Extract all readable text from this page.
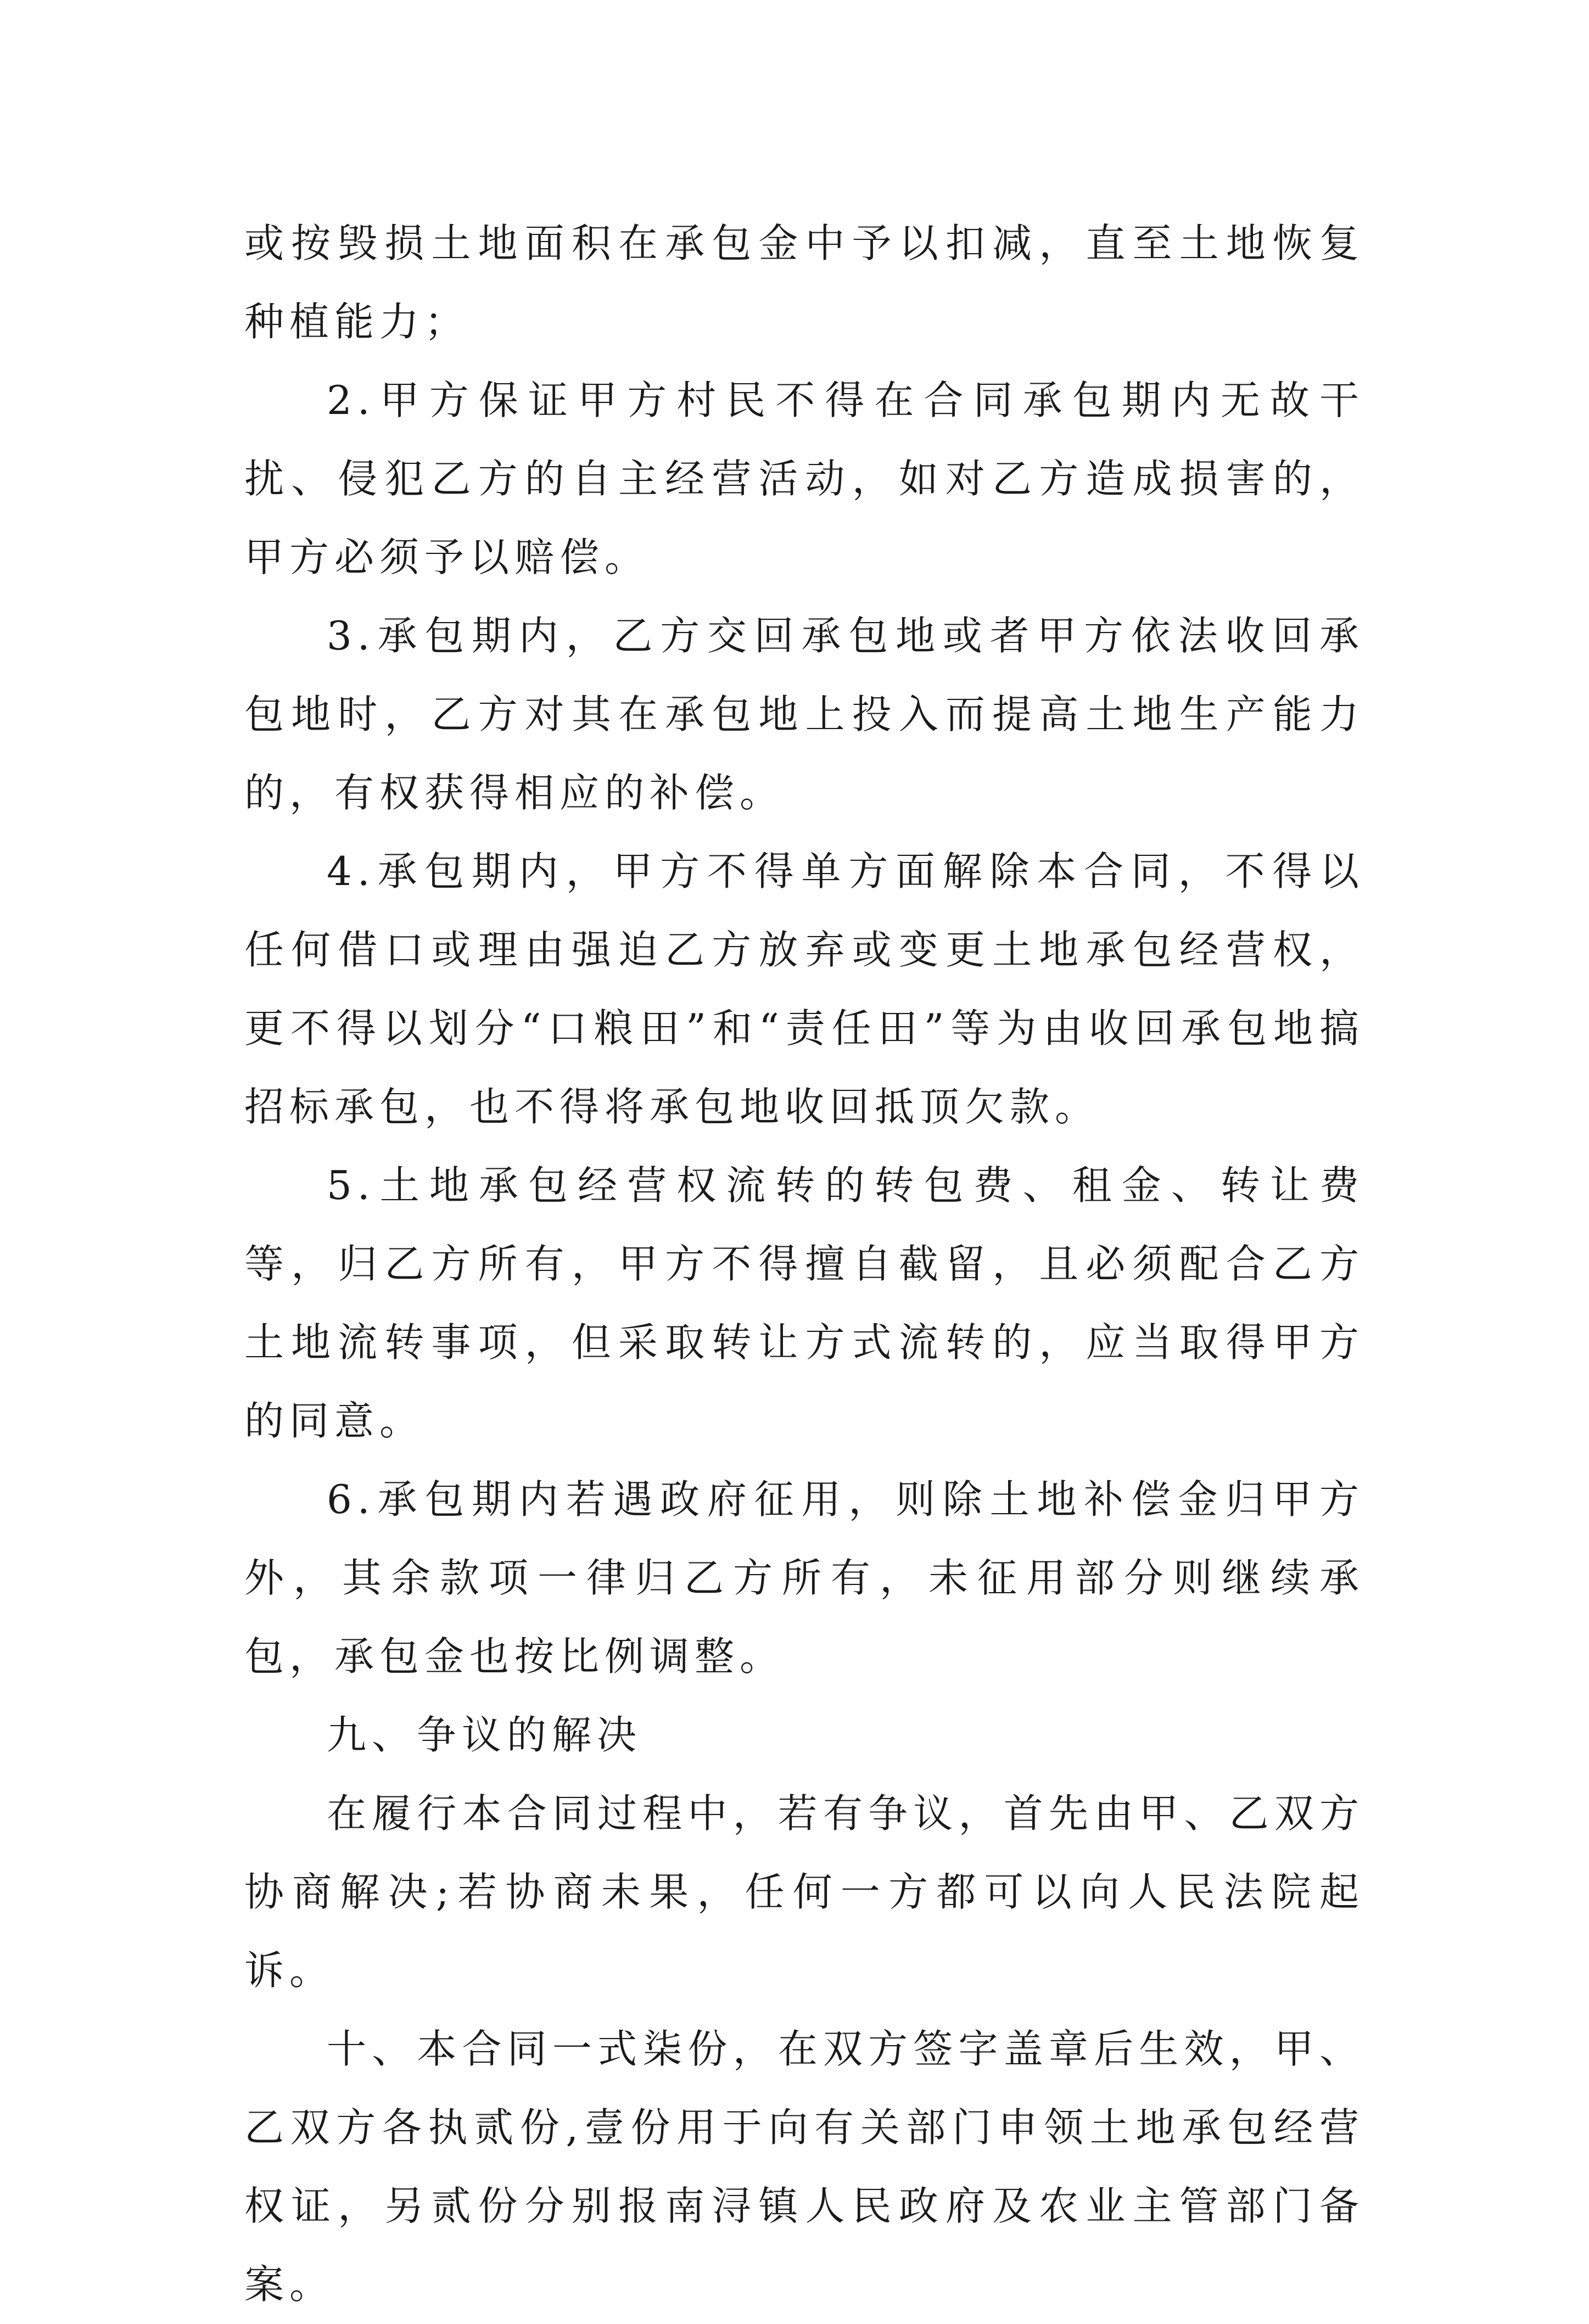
或按毁损土地面积在承包金中予以扣减，直至土地恢复种植能力；

2.甲方保证甲方村民不得在合同承包期内无故干扰、侵犯乙方的自主经营活动，如对乙方造成损害的，甲方必须予以赔偿。

3.承包期内，乙方交回承包地或者甲方依法收回承包地时，乙方对其在承包地上投入而提高土地生产能力的，有权获得相应的补偿。

4.承包期内，甲方不得单方面解除本合同，不得以任何借口或理由强迫乙方放弃或变更土地承包经营权，更不得以划分“口粮田”和“责任田”等为由收回承包地搞招标承包，也不得将承包地收回抵顶欠款。

5.土地承包经营权流转的转包费、租金、转让费等，归乙方所有，甲方不得擅自截留，且必须配合乙方土地流转事项，但采取转让方式流转的，应当取得甲方的同意。

6.承包期内若遇政府征用，则除土地补偿金归甲方外，其余款项一律归乙方所有，未征用部分则继续承包，承包金也按比例调整。

九、争议的解决

在履行本合同过程中，若有争议，首先由甲、乙双方协商解决;若协商未果，任何一方都可以向人民法院起诉。

十、本合同一式柒份，在双方签字盖章后生效，甲、乙双方各执贰份,壹份用于向有关部门申领土地承包经营权证，另贰份分别报南浔镇人民政府及农业主管部门备案。
